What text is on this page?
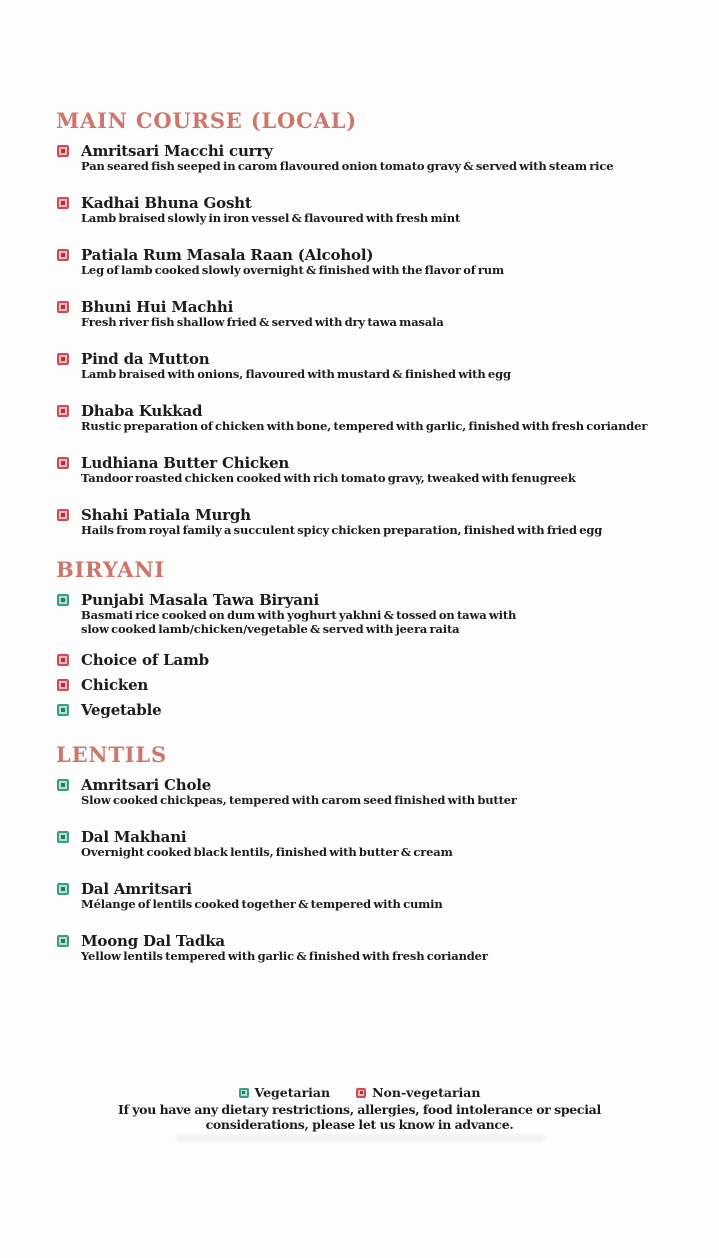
MAIN COURSE (LOCAL)
Amritsari Macchi curry
Pan seared fish seeped in carom flavoured onion tomato gravy & served with steam rice
Kadhai Bhuna Gosht
Lamb braised slowly in iron vessel & flavoured with fresh mint
Patiala Rum Masala Raan (Alcohol)
Leg of lamb cooked slowly overnight & finished with the flavor of rum
Bhuni Hui Machhi
Fresh river fish shallow fried & served with dry tawa masala
Pind da Mutton
Lamb braised with onions, flavoured with mustard & finished with egg
Dhaba Kukkad
Rustic preparation of chicken with bone, tempered with garlic, finished with fresh coriander
Ludhiana Butter Chicken
Tandoor roasted chicken cooked with rich tomato gravy, tweaked with fenugreek
Shahi Patiala Murgh
Hails from royal family a succulent spicy chicken preparation, finished with fried egg
BIRYANI
Punjabi Masala Tawa Biryani
Basmati rice cooked on dum with yoghurt yakhni & tossed on tawa with
slow cooked lamb/chicken/vegetable & served with jeera raita
Choice of Lamb
Chicken
Vegetable
LENTILS
Amritsari Chole
Slow cooked chickpeas, tempered with carom seed finished with butter
Dal Makhani
Overnight cooked black lentils, finished with butter & cream
Dal Amritsari
Mélange of lentils cooked together & tempered with cumin
Moong Dal Tadka
Yellow lentils tempered with garlic & finished with fresh coriander
Vegetarian	Non-vegetarian
If you have any dietary restrictions, allergies, food intolerance or special
considerations, please let us know in advance.
